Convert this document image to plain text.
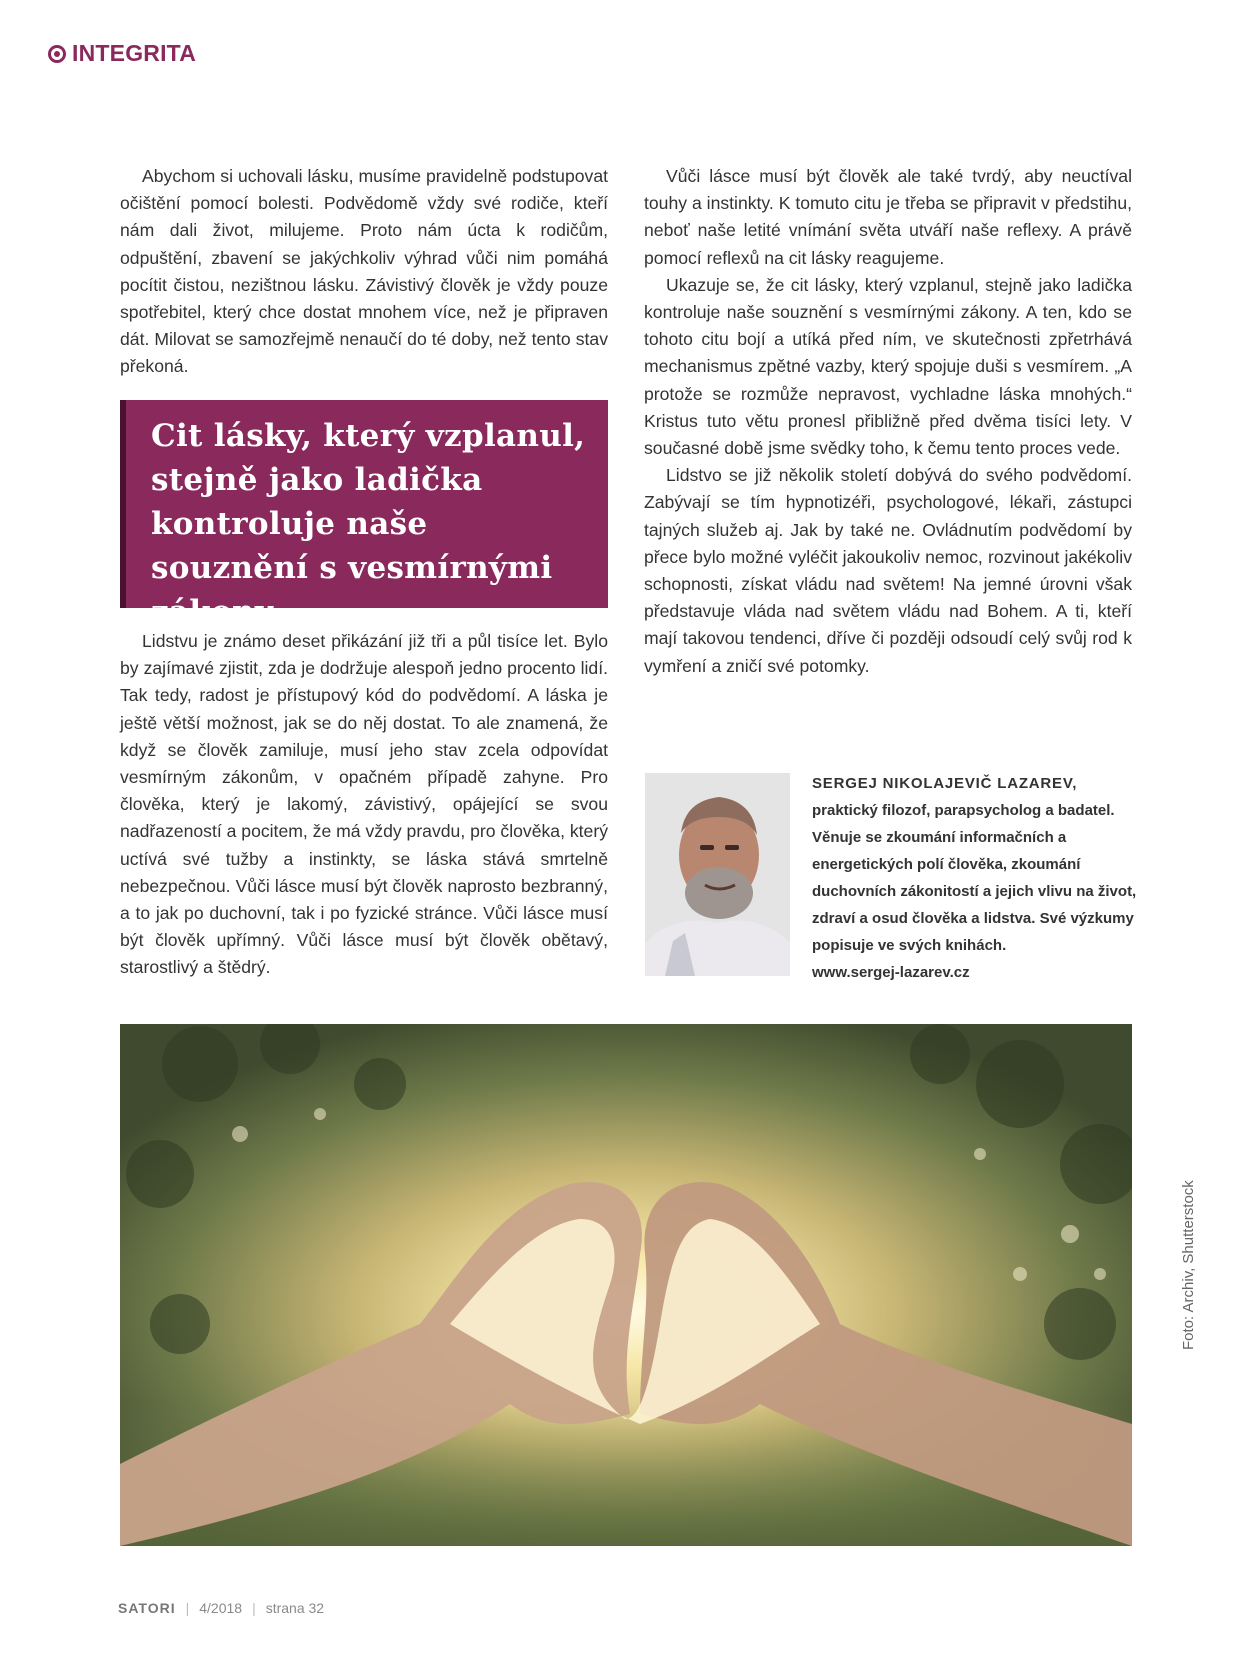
INTEGRITA

Abychom si uchovali lásku, musíme pravidelně podstupovat očištění pomocí bolesti. Podvědomě vždy své rodiče, kteří nám dali život, milujeme. Proto nám úcta k rodičům, odpuštění, zbavení se jakýchkoliv výhrad vůči nim pomáhá pocítit čistou, nezištnou lásku. Závistivý člověk je vždy pouze spotřebitel, který chce dostat mnohem více, než je připraven dát. Milovat se samozřejmě nenaučí do té doby, než tento stav překoná.

Cit lásky, který vzplanul, stejně jako ladička kontroluje naše souznění s vesmírnými zákony.

Lidstvu je známo deset přikázání již tři a půl tisíce let. Bylo by zajímavé zjistit, zda je dodržuje alespoň jedno procento lidí. Tak tedy, radost je přístupový kód do podvědomí. A láska je ještě větší možnost, jak se do něj dostat. To ale znamená, že když se člověk zamiluje, musí jeho stav zcela odpovídat vesmírným zákonům, v opačném případě zahyne. Pro člověka, který je lakomý, závistivý, opájející se svou nadřazeností a pocitem, že má vždy pravdu, pro člověka, který uctívá své tužby a instinkty, se láska stává smrtelně nebezpečnou. Vůči lásce musí být člověk naprosto bezbranný, a to jak po duchovní, tak i po fyzické stránce. Vůči lásce musí být člověk upřímný. Vůči lásce musí být člověk obětavý, starostlivý a štědrý.

Vůči lásce musí být člověk ale také tvrdý, aby neuctíval touhy a instinkty. K tomuto citu je třeba se připravit v předstihu, neboť naše letité vnímání světa utváří naše reflexy. A právě pomocí reflexů na cit lásky reagujeme.

Ukazuje se, že cit lásky, který vzplanul, stejně jako ladička kontroluje naše souznění s vesmírnými zákony. A ten, kdo se tohoto citu bojí a utíká před ním, ve skutečnosti zpřetrhává mechanismus zpětné vazby, který spojuje duši s vesmírem. „A protože se rozmůže nepravost, vychladne láska mnohých.“ Kristus tuto větu pronesl přibližně před dvěma tisíci lety. V současné době jsme svědky toho, k čemu tento proces vede.

Lidstvo se již několik století dobývá do svého podvědomí. Zabývají se tím hypnotizéři, psychologové, lékaři, zástupci tajných služeb aj. Jak by také ne. Ovládnutím podvědomí by přece bylo možné vyléčit jakoukoliv nemoc, rozvinout jakékoliv schopnosti, získat vládu nad světem! Na jemné úrovni však představuje vláda nad světem vládu nad Bohem. A ti, kteří mají takovou tendenci, dříve či později odsoudí celý svůj rod k vymření a zničí své potomky.

SERGEJ NIKOLAJEVIČ LAZAREV,
praktický filozof, parapsycholog a badatel. Věnuje se zkoumání informačních a energetických polí člověka, zkoumání duchovních zákonitostí a jejich vlivu na život, zdraví a osud člověka a lidstva. Své výzkumy popisuje ve svých knihách.
www.sergej-lazarev.cz
Foto: Archiv, Shutterstock
SATORI | 4/2018 | strana 32
